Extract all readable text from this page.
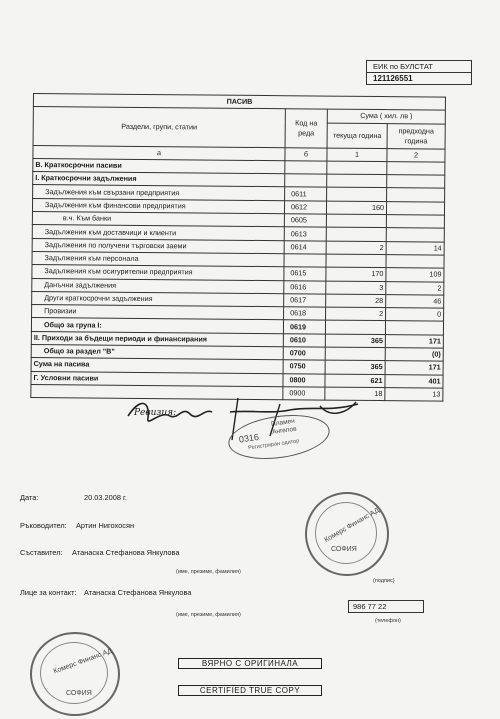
ЕИК по БУЛСТАТ
121126551
ПАСИВ			
Раздели, групи, статии	Код на реда	Сума ( хил. лв )	
		текуща година	предходна година
а	б	1	2
В. Краткосрочни пасиви			
I. Краткосрочни задължения			
Задължения към свързани предприятия	0611		
Задължения към финансови предприятия	0612	160	
в.ч. Към банки	0605		
Задължения към доставчици и клиенти	0613		
Задължения по получени търговски заеми	0614	2	14
Задължения към персонала			
Задължения към осигурителни предприятия	0615	170	109
Данъчни задължения	0616	3	2
Други краткосрочни задължения	0617	28	46
Провизии	0618	2	0
Общо за група I:	0619		
II. Приходи за бъдещи периоди и финансирания	0610	365	171
Общо за раздел "В"	0700		(0)
Сума на пасива	0750	365	171
Г. Условни пасиви	0800	621	401
	0900	18	13
Ревизия:
0316
Пламен
Ангелов
Регистриран одитор
Дата:	20.03.2008 г.
Ръководител: Артин Нигохосян
Съставител: Атанаска Стефанова Янкулова
(име, презиме, фамилия)
(подпис)
Лице за контакт: Атанаска Стефанова Янкулова
(име, презиме, фамилия)
986 77 22
(телефон)
Комерс Финанс АД
СОФИЯ
Комерс Финанс АД
СОФИЯ
ВЯРНО С ОРИГИНАЛА
CERTIFIED TRUE COPY
